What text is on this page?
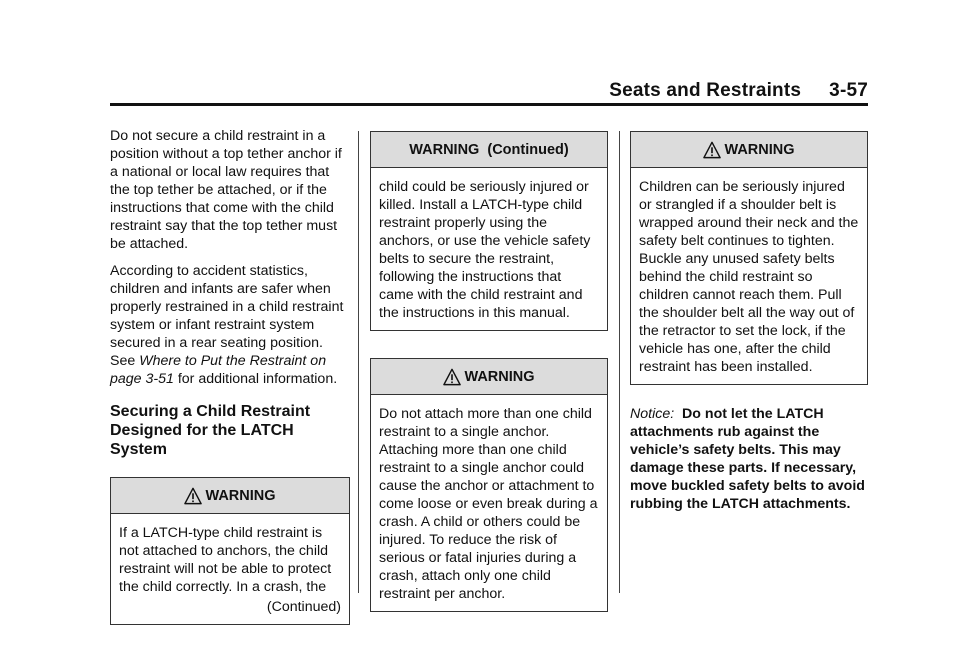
Seats and Restraints 3-57

Do not secure a child restraint in a position without a top tether anchor if a national or local law requires that the top tether be attached, or if the instructions that come with the child restraint say that the top tether must be attached.

According to accident statistics, children and infants are safer when properly restrained in a child restraint system or infant restraint system secured in a rear seating position. See Where to Put the Restraint on page 3-51 for additional information.

Securing a Child Restraint Designed for the LATCH System
WARNING
If a LATCH-type child restraint is not attached to anchors, the child restraint will not be able to protect the child correctly. In a crash, the
(Continued)
WARNING  (Continued)
child could be seriously injured or killed. Install a LATCH-type child restraint properly using the anchors, or use the vehicle safety belts to secure the restraint, following the instructions that came with the child restraint and the instructions in this manual.
WARNING
Do not attach more than one child restraint to a single anchor. Attaching more than one child restraint to a single anchor could cause the anchor or attachment to come loose or even break during a crash. A child or others could be injured. To reduce the risk of serious or fatal injuries during a crash, attach only one child restraint per anchor.
WARNING
Children can be seriously injured or strangled if a shoulder belt is wrapped around their neck and the safety belt continues to tighten. Buckle any unused safety belts behind the child restraint so children cannot reach them. Pull the shoulder belt all the way out of the retractor to set the lock, if the vehicle has one, after the child restraint has been installed.

Notice: Do not let the LATCH attachments rub against the vehicle’s safety belts. This may damage these parts. If necessary, move buckled safety belts to avoid rubbing the LATCH attachments.
